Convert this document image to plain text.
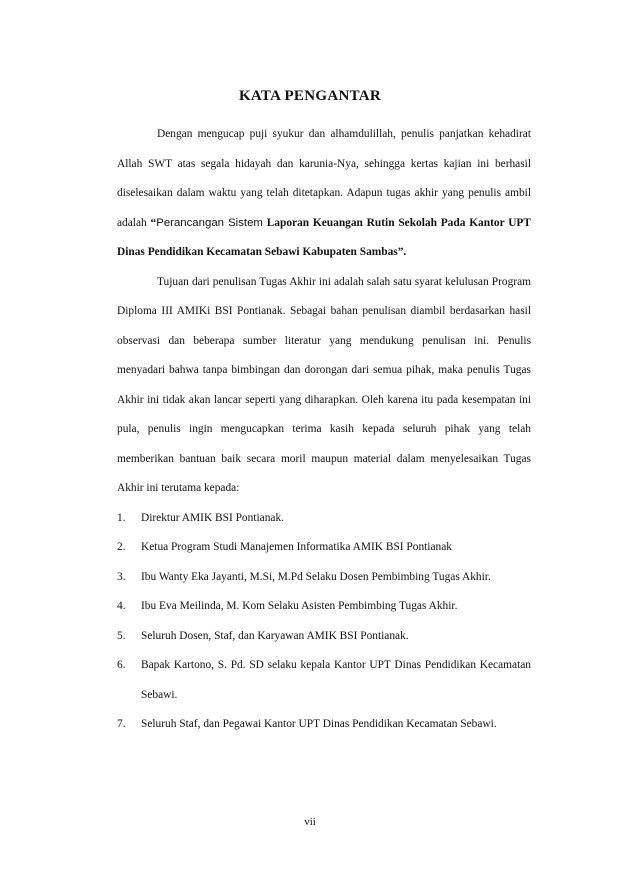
KATA PENGANTAR

Dengan mengucap puji syukur dan alhamdulillah, penulis panjatkan kehadirat Allah SWT atas segala hidayah dan karunia-Nya, sehingga kertas kajian ini berhasil diselesaikan dalam waktu yang telah ditetapkan. Adapun tugas akhir yang penulis ambil adalah “Perancangan Sistem Laporan Keuangan Rutin Sekolah Pada Kantor UPT Dinas Pendidikan Kecamatan Sebawi Kabupaten Sambas”.

Tujuan dari penulisan Tugas Akhir ini adalah salah satu syarat kelulusan Program Diploma III AMIKi BSI Pontianak. Sebagai bahan penulisan diambil berdasarkan hasil observasi dan beberapa sumber literatur yang mendukung penulisan ini. Penulis menyadari bahwa tanpa bimbingan dan dorongan dari semua pihak, maka penulis Tugas Akhir ini tidak akan lancar seperti yang diharapkan. Oleh karena itu pada kesempatan ini pula, penulis ingin mengucapkan terima kasih kepada seluruh pihak yang telah memberikan bantuan baik secara moril maupun material dalam menyelesaikan Tugas Akhir ini terutama kepada:

1. Direktur AMIK BSI Pontianak.
2. Ketua Program Studi Manajemen Informatika AMIK BSI Pontianak
3. Ibu Wanty Eka Jayanti, M.Si, M.Pd Selaku Dosen Pembimbing Tugas Akhir.
4. Ibu Eva Meilinda, M. Kom Selaku Asisten Pembimbing Tugas Akhir.
5. Seluruh Dosen, Staf, dan Karyawan AMIK BSI Pontianak.
6. Bapak Kartono, S. Pd. SD selaku kepala Kantor UPT Dinas Pendidikan Kecamatan Sebawi.
7. Seluruh Staf, dan Pegawai Kantor UPT Dinas Pendidikan Kecamatan Sebawi.
vii
